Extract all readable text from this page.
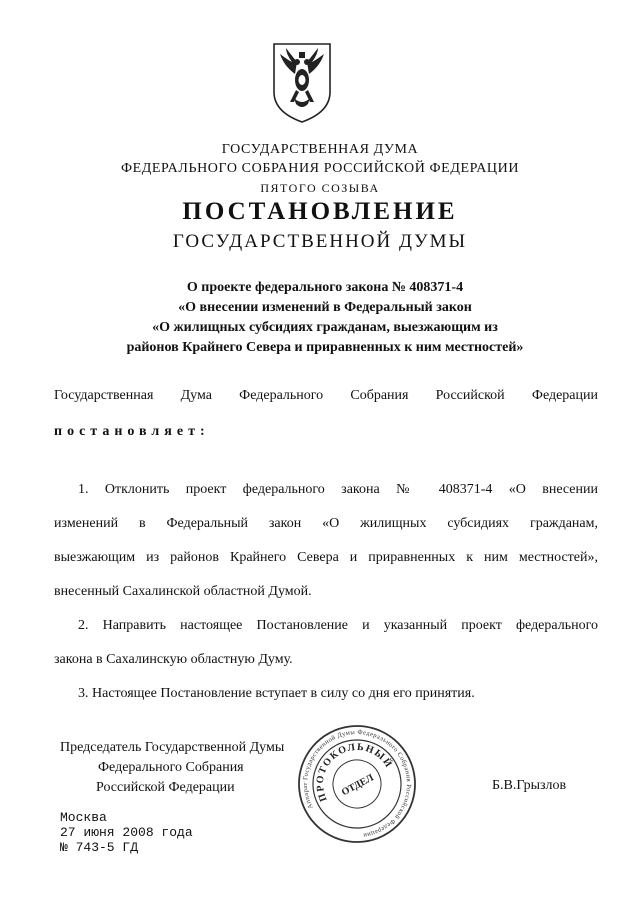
ГОСУДАРСТВЕННАЯ ДУМА
ФЕДЕРАЛЬНОГО СОБРАНИЯ РОССИЙСКОЙ ФЕДЕРАЦИИ
ПЯТОГО СОЗЫВА
ПОСТАНОВЛЕНИЕ
ГОСУДАРСТВЕННОЙ ДУМЫ
О проекте федерального закона № 408371-4
«О внесении изменений в Федеральный закон
«О жилищных субсидиях гражданам, выезжающим из
районов Крайнего Севера и приравненных к ним местностей»
Государственная Дума Федерального Собрания Российской Федерации
постановляет:
1. Отклонить проект федерального закона № 408371-4 «О внесении
изменений в Федеральный закон «О жилищных субсидиях гражданам,
выезжающим из районов Крайнего Севера и приравненных к ним местностей»,
внесенный Сахалинской областной Думой.
2. Направить настоящее Постановление и указанный проект федерального
закона в Сахалинскую областную Думу.
3. Настоящее Постановление вступает в силу со дня его принятия.
Председатель Государственной Думы
Федерального Собрания
Российской Федерации	Б.В.Грызлов
Аппарат Государственной Думы Федерального Собрания Российской Федерации
ПРОТОКОЛЬНЫЙ
ОТДЕЛ
Москва
27 июня 2008 года
№ 743-5 ГД
